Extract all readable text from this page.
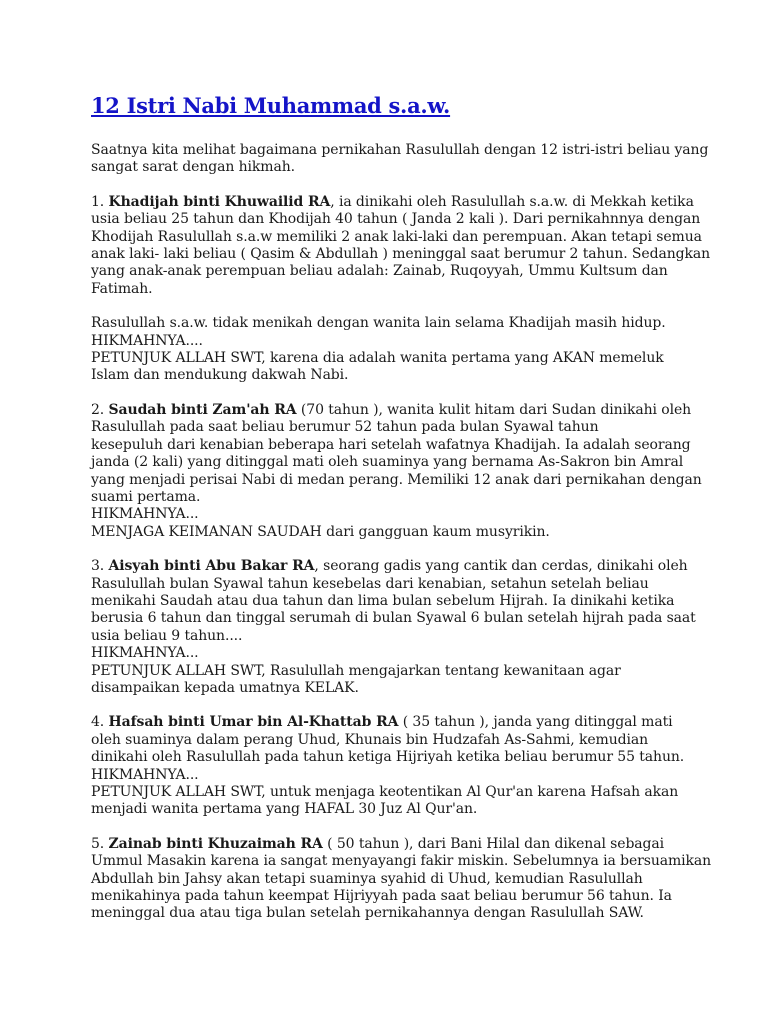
12 Istri Nabi Muhammad s.a.w.

Saatnya kita melihat bagaimana pernikahan Rasulullah dengan 12 istri-istri beliau yang
sangat sarat dengan hikmah.

1. Khadijah binti Khuwailid RA, ia dinikahi oleh Rasulullah s.a.w. di Mekkah ketika
usia beliau 25 tahun dan Khodijah 40 tahun ( Janda 2 kali ). Dari pernikahnnya dengan
Khodijah Rasulullah s.a.w memiliki 2 anak laki-laki dan perempuan. Akan tetapi semua
anak laki- laki beliau ( Qasim & Abdullah ) meninggal saat berumur 2 tahun. Sedangkan
yang anak-anak perempuan beliau adalah: Zainab, Ruqoyyah, Ummu Kultsum dan
Fatimah.

Rasulullah s.a.w. tidak menikah dengan wanita lain selama Khadijah masih hidup.
HIKMAHNYA....
PETUNJUK ALLAH SWT, karena dia adalah wanita pertama yang AKAN memeluk
Islam dan mendukung dakwah Nabi.

2. Saudah binti Zam'ah RA (70 tahun ), wanita kulit hitam dari Sudan dinikahi oleh
Rasulullah pada saat beliau berumur 52 tahun pada bulan Syawal tahun
kesepuluh dari kenabian beberapa hari setelah wafatnya Khadijah. Ia adalah seorang
janda (2 kali) yang ditinggal mati oleh suaminya yang bernama As-Sakron bin Amral
yang menjadi perisai Nabi di medan perang. Memiliki 12 anak dari pernikahan dengan
suami pertama.
HIKMAHNYA...
MENJAGA KEIMANAN SAUDAH dari gangguan kaum musyrikin.

3. Aisyah binti Abu Bakar RA, seorang gadis yang cantik dan cerdas, dinikahi oleh
Rasulullah bulan Syawal tahun kesebelas dari kenabian, setahun setelah beliau
menikahi Saudah atau dua tahun dan lima bulan sebelum Hijrah. Ia dinikahi ketika
berusia 6 tahun dan tinggal serumah di bulan Syawal 6 bulan setelah hijrah pada saat
usia beliau 9 tahun....
HIKMAHNYA...
PETUNJUK ALLAH SWT, Rasulullah mengajarkan tentang kewanitaan agar
disampaikan kepada umatnya KELAK.

4. Hafsah binti Umar bin Al-Khattab RA ( 35 tahun ), janda yang ditinggal mati
oleh suaminya dalam perang Uhud, Khunais bin Hudzafah As-Sahmi, kemudian
dinikahi oleh Rasulullah pada tahun ketiga Hijriyah ketika beliau berumur 55 tahun.
HIKMAHNYA...
PETUNJUK ALLAH SWT, untuk menjaga keotentikan Al Qur'an karena Hafsah akan
menjadi wanita pertama yang HAFAL 30 Juz Al Qur'an.

5. Zainab binti Khuzaimah RA ( 50 tahun ), dari Bani Hilal dan dikenal sebagai
Ummul Masakin karena ia sangat menyayangi fakir miskin. Sebelumnya ia bersuamikan
Abdullah bin Jahsy akan tetapi suaminya syahid di Uhud, kemudian Rasulullah
menikahinya pada tahun keempat Hijriyyah pada saat beliau berumur 56 tahun. Ia
meninggal dua atau tiga bulan setelah pernikahannya dengan Rasulullah SAW.
